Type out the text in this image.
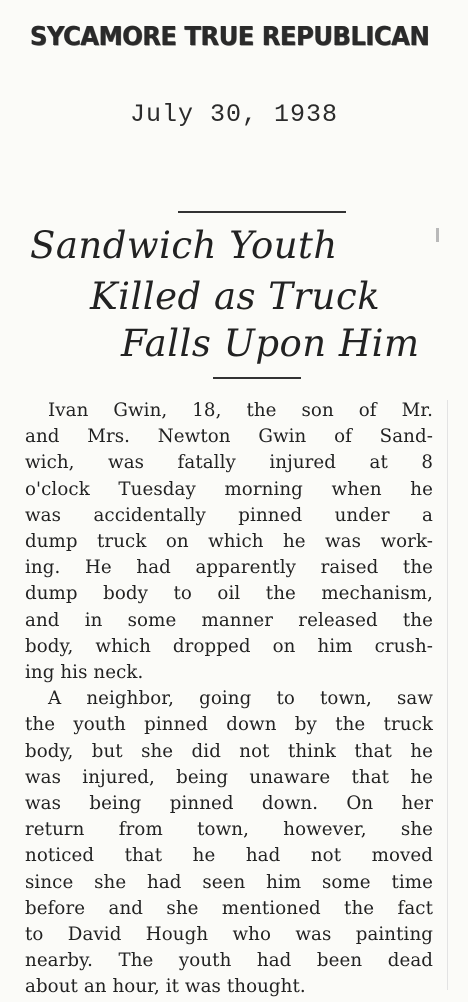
SYCAMORE TRUE REPUBLICAN
July 30, 1938
Sandwich Youth
Killed as Truck
Falls Upon Him
Ivan Gwin, 18, the son of Mr.
and Mrs. Newton Gwin of Sand-
wich, was fatally injured at 8
o'clock Tuesday morning when he
was accidentally pinned under a
dump truck on which he was work-
ing. He had apparently raised the
dump body to oil the mechanism,
and in some manner released the
body, which dropped on him crush-
ing his neck.
A neighbor, going to town, saw
the youth pinned down by the truck
body, but she did not think that he
was injured, being unaware that he
was being pinned down. On her
return from town, however, she
noticed that he had not moved
since she had seen him some time
before and she mentioned the fact
to David Hough who was painting
nearby. The youth had been dead
about an hour, it was thought.
